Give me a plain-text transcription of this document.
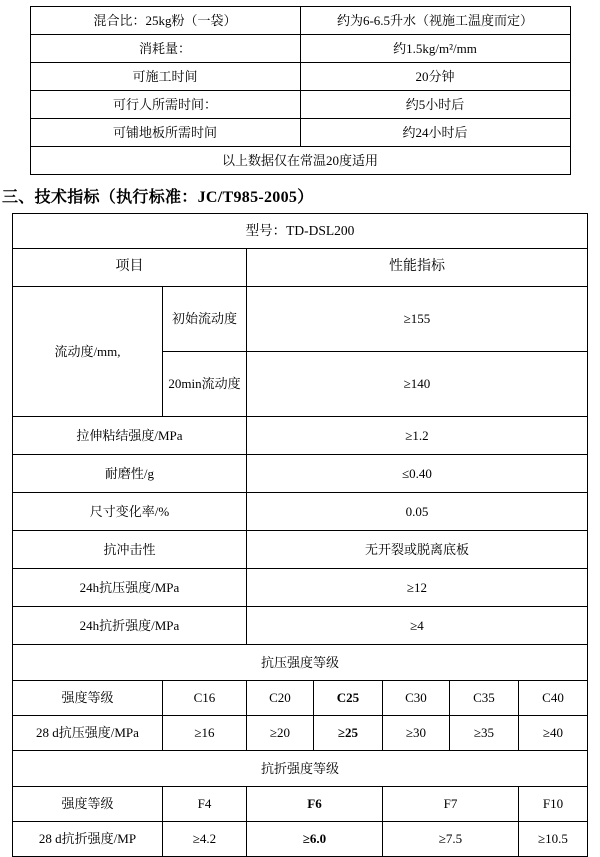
混合比：25kg粉（一袋）	约为6-6.5升水（视施工温度而定）
消耗量：	约1.5kg/m²/mm
可施工时间	20分钟
可行人所需时间：	约5小时后
可铺地板所需时间	约24小时后
以上数据仅在常温20度适用	
三、技术指标（执行标准：JC/T985-2005）
型号：TD-DSL200						
项目		性能指标				
流动度/mm,	初始流动度	≥155				
	20min流动度	≥140				
拉伸粘结强度/MPa		≥1.2				
耐磨性/g		≤0.40				
尺寸变化率/%		0.05				
抗冲击性		无开裂或脱离底板				
24h抗压强度/MPa		≥12				
24h抗折强度/MPa		≥4				
抗压强度等级						
强度等级	C16	C20	C25	C30	C35	C40
28 d抗压强度/MPa	≥16	≥20	≥25	≥30	≥35	≥40
抗折强度等级						
强度等级	F4	F6		F7		F10
28 d抗折强度/MP	≥4.2	≥6.0		≥7.5		≥10.5
